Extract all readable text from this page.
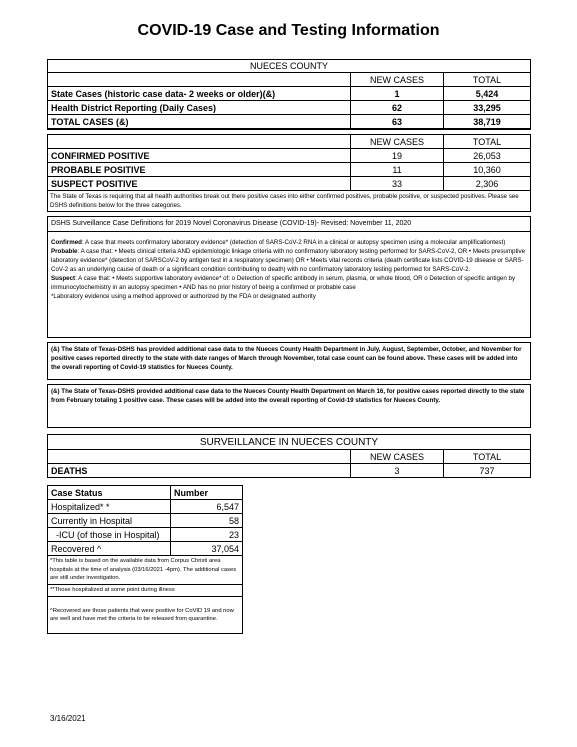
COVID-19 Case and Testing Information
NUECES COUNTY		
	NEW CASES	TOTAL
State Cases (historic case data- 2 weeks or older)(&)	1	5,424
Health District Reporting (Daily Cases)	62	33,295
TOTAL CASES (&)	63	38,719
	NEW CASES	TOTAL
CONFIRMED POSITIVE	19	26,053
PROBABLE POSITIVE	11	10,360
SUSPECT POSITIVE	33	2,306
The State of Texas is requiring that all health authorities break out there positive cases into either confirmed positives, probable positive, or suspected positives. Please see DSHS definitions below for the three categories.		
DSHS Surveillance Case Definitions for 2019 Novel Coronavirus Disease (COVID-19)- Revised: November 11, 2020

Confirmed: A case that meets confirmatory laboratory evidence* (detection of SARS-CoV-2 RNA in a clinical or autopsy specimen using a molecular amplificationtest)

Probable: A case that: • Meets clinical criteria AND epidemiologic linkage criteria with no confirmatory laboratory testing performed for SARS-CoV-2, OR • Meets presumptive laboratory evidence* (detection of SARSCoV-2 by antigen test in a respiratory specimen) OR • Meets vital records criteria (death certificate lists COVID-19 disease or SARS-CoV-2 as an underlying cause of death or a significant condition contributing to death) with no confirmatory laboratory testing performed for SARS-CoV-2.

Suspect: A case that: • Meets supportive laboratory evidence* of: o Detection of specific antibody in serum, plasma, or whole blood, OR o Detection of specific antigen by immunocytochemistry in an autopsy specimen • AND has no prior history of being a confirmed or probable case

*Laboratory evidence using a method approved or authorized by the FDA or designated authority

(&) The State of Texas-DSHS has provided additional case data to the Nueces County Health Department in July, August, September, October, and November for positive cases reported directly to the state with date ranges of March through November, total case count can be found above. These cases will be added into the overall reporting of Covid-19 statistics for Nueces County.
(&) The State of Texas-DSHS provided additional case data to the Nueces County Health Department on March 16, for positive cases reported directly to the state from February totaling 1 positive case. These cases will be added into the overall reporting of Covid-19 statistics for Nueces County.
SURVEILLANCE IN NUECES COUNTY		
	NEW CASES	TOTAL
DEATHS	3	737
Case Status	Number
Hospitalized* *	6,547
Currently in Hospital	58
-ICU (of those in Hospital)	23
Recovered ^	37,054
*This table is based on the available data from Corpus Christi area hospitals at the time of analysis (03/16/2021 -4pm). The additional cases are still under investigation.	
**Those hospitalized at some point during illness	
^Recovered are those patients that were positive for CoVID 19 and now are well and have met the criteria to be released from quarantine.	
3/16/2021
